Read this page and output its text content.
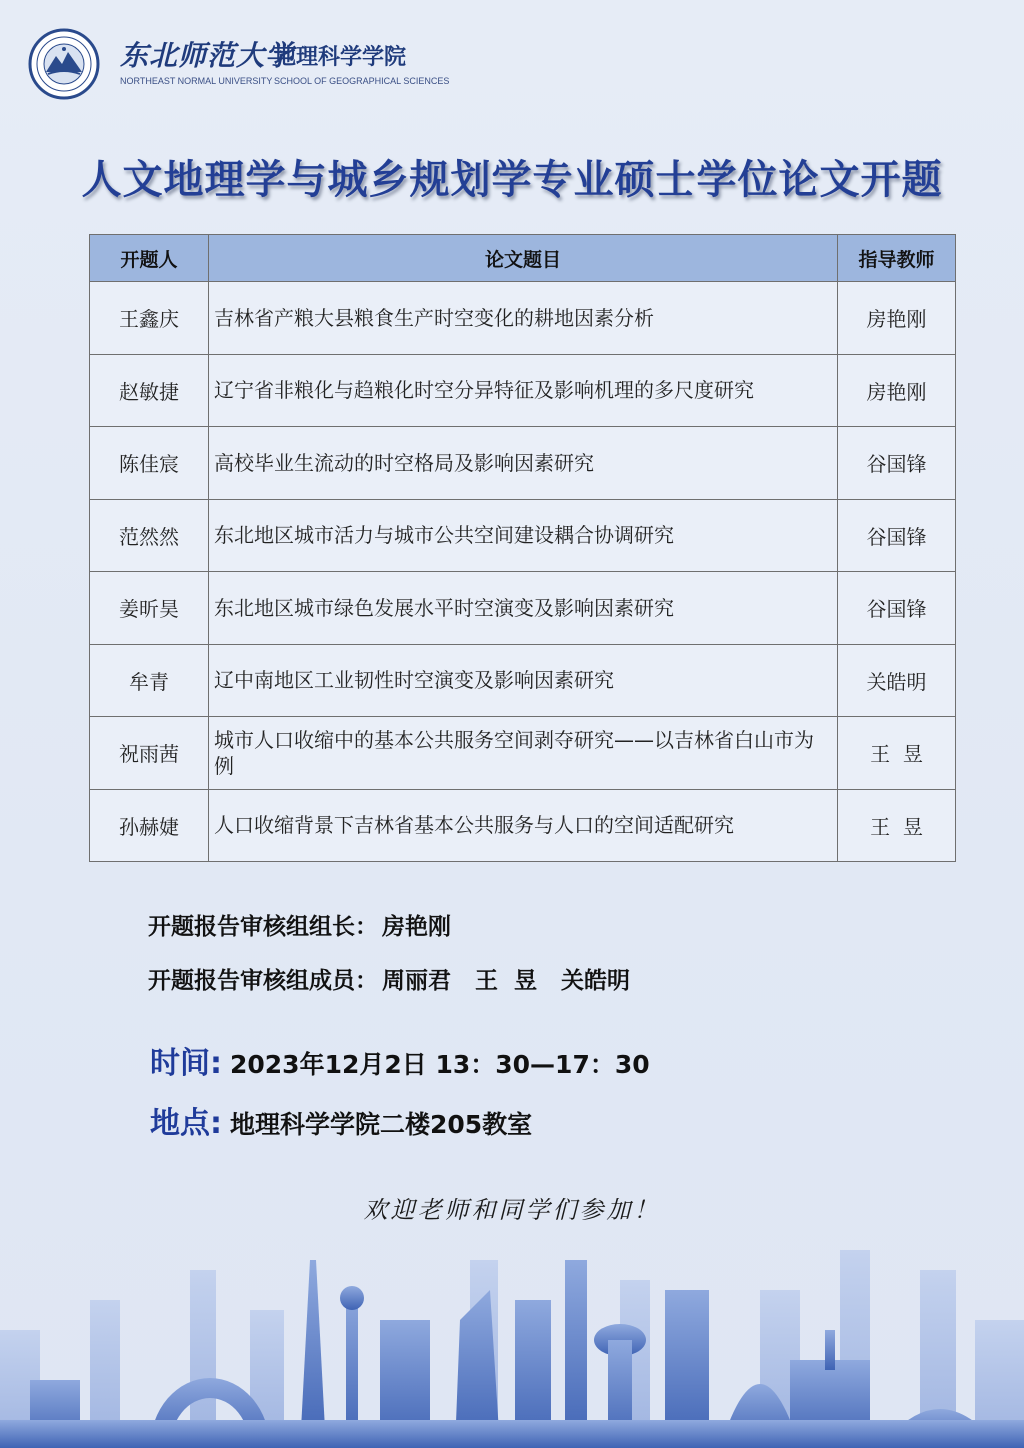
东北师范大学
地理科学学院
NORTHEAST NORMAL UNIVERSITY SCHOOL OF GEOGRAPHICAL SCIENCES
人文地理学与城乡规划学专业硕士学位论文开题
开题人	论文题目	指导教师
王鑫庆	吉林省产粮大县粮食生产时空变化的耕地因素分析	房艳刚
赵敏捷	辽宁省非粮化与趋粮化时空分异特征及影响机理的多尺度研究	房艳刚
陈佳宸	高校毕业生流动的时空格局及影响因素研究	谷国锋
范然然	东北地区城市活力与城市公共空间建设耦合协调研究	谷国锋
姜昕昊	东北地区城市绿色发展水平时空演变及影响因素研究	谷国锋
牟青	辽中南地区工业韧性时空演变及影响因素研究	关皓明
祝雨茜	城市人口收缩中的基本公共服务空间剥夺研究——以吉林省白山市为例	王  昱
孙赫婕	人口收缩背景下吉林省基本公共服务与人口的空间适配研究	王  昱
开题报告审核组组长： 房艳刚
开题报告审核组成员： 周丽君   王  昱   关皓明
时间: 2023年12月2日 13：30—17：30
地点: 地理科学学院二楼205教室
欢迎老师和同学们参加！
